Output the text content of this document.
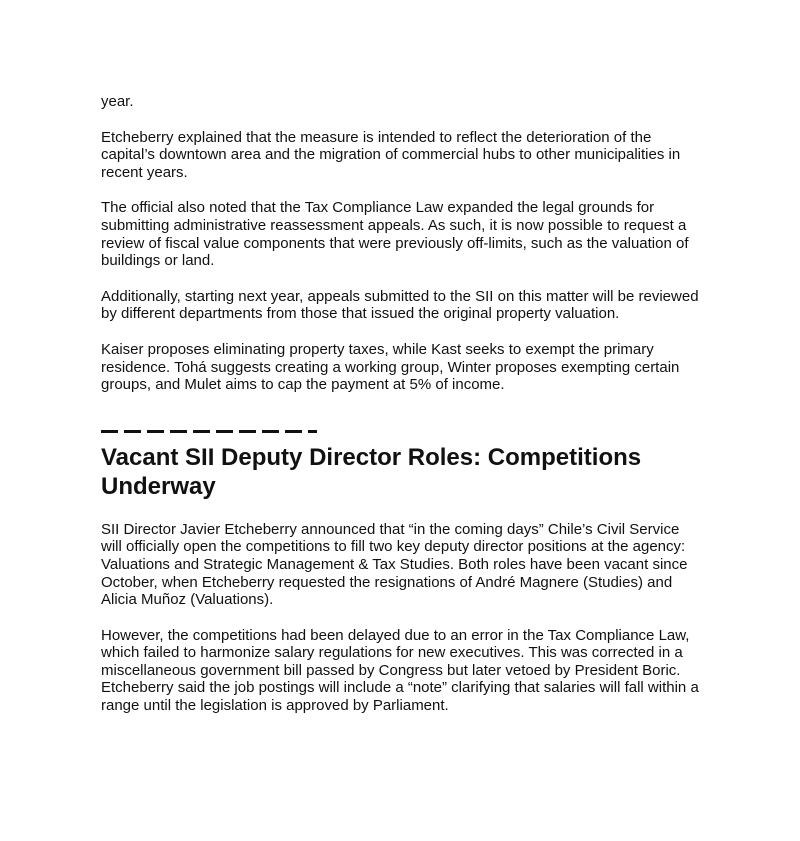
year.

Etcheberry explained that the measure is intended to reflect the deterioration of the capital’s downtown area and the migration of commercial hubs to other municipalities in recent years.

The official also noted that the Tax Compliance Law expanded the legal grounds for submitting administrative reassessment appeals. As such, it is now possible to request a review of fiscal value components that were previously off-limits, such as the valuation of buildings or land.

Additionally, starting next year, appeals submitted to the SII on this matter will be reviewed by different departments from those that issued the original property valuation.

Kaiser proposes eliminating property taxes, while Kast seeks to exempt the primary residence. Tohá suggests creating a working group, Winter proposes exempting certain groups, and Mulet aims to cap the payment at 5% of income.

Vacant SII Deputy Director Roles: Competitions Underway

SII Director Javier Etcheberry announced that “in the coming days” Chile’s Civil Service will officially open the competitions to fill two key deputy director positions at the agency: Valuations and Strategic Management & Tax Studies. Both roles have been vacant since October, when Etcheberry requested the resignations of André Magnere (Studies) and Alicia Muñoz (Valuations).

However, the competitions had been delayed due to an error in the Tax Compliance Law, which failed to harmonize salary regulations for new executives. This was corrected in a miscellaneous government bill passed by Congress but later vetoed by President Boric. Etcheberry said the job postings will include a “note” clarifying that salaries will fall within a range until the legislation is approved by Parliament.
